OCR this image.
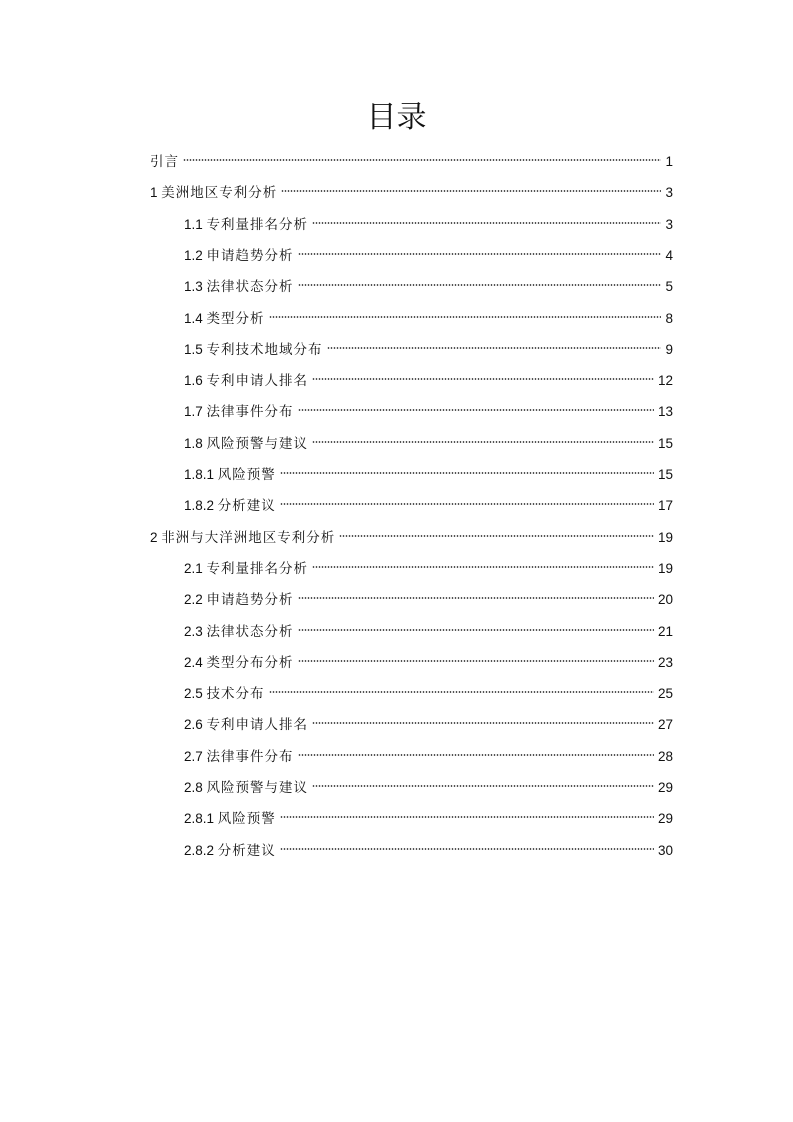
目录
引言	1
1 美洲地区专利分析	3
1.1 专利量排名分析	3
1.2 申请趋势分析	4
1.3 法律状态分析	5
1.4 类型分析	8
1.5 专利技术地域分布	9
1.6 专利申请人排名	12
1.7 法律事件分布	13
1.8 风险预警与建议	15
1.8.1 风险预警	15
1.8.2 分析建议	17
2 非洲与大洋洲地区专利分析	19
2.1 专利量排名分析	19
2.2 申请趋势分析	20
2.3 法律状态分析	21
2.4 类型分布分析	23
2.5 技术分布	25
2.6 专利申请人排名	27
2.7 法律事件分布	28
2.8 风险预警与建议	29
2.8.1 风险预警	29
2.8.2 分析建议	30
